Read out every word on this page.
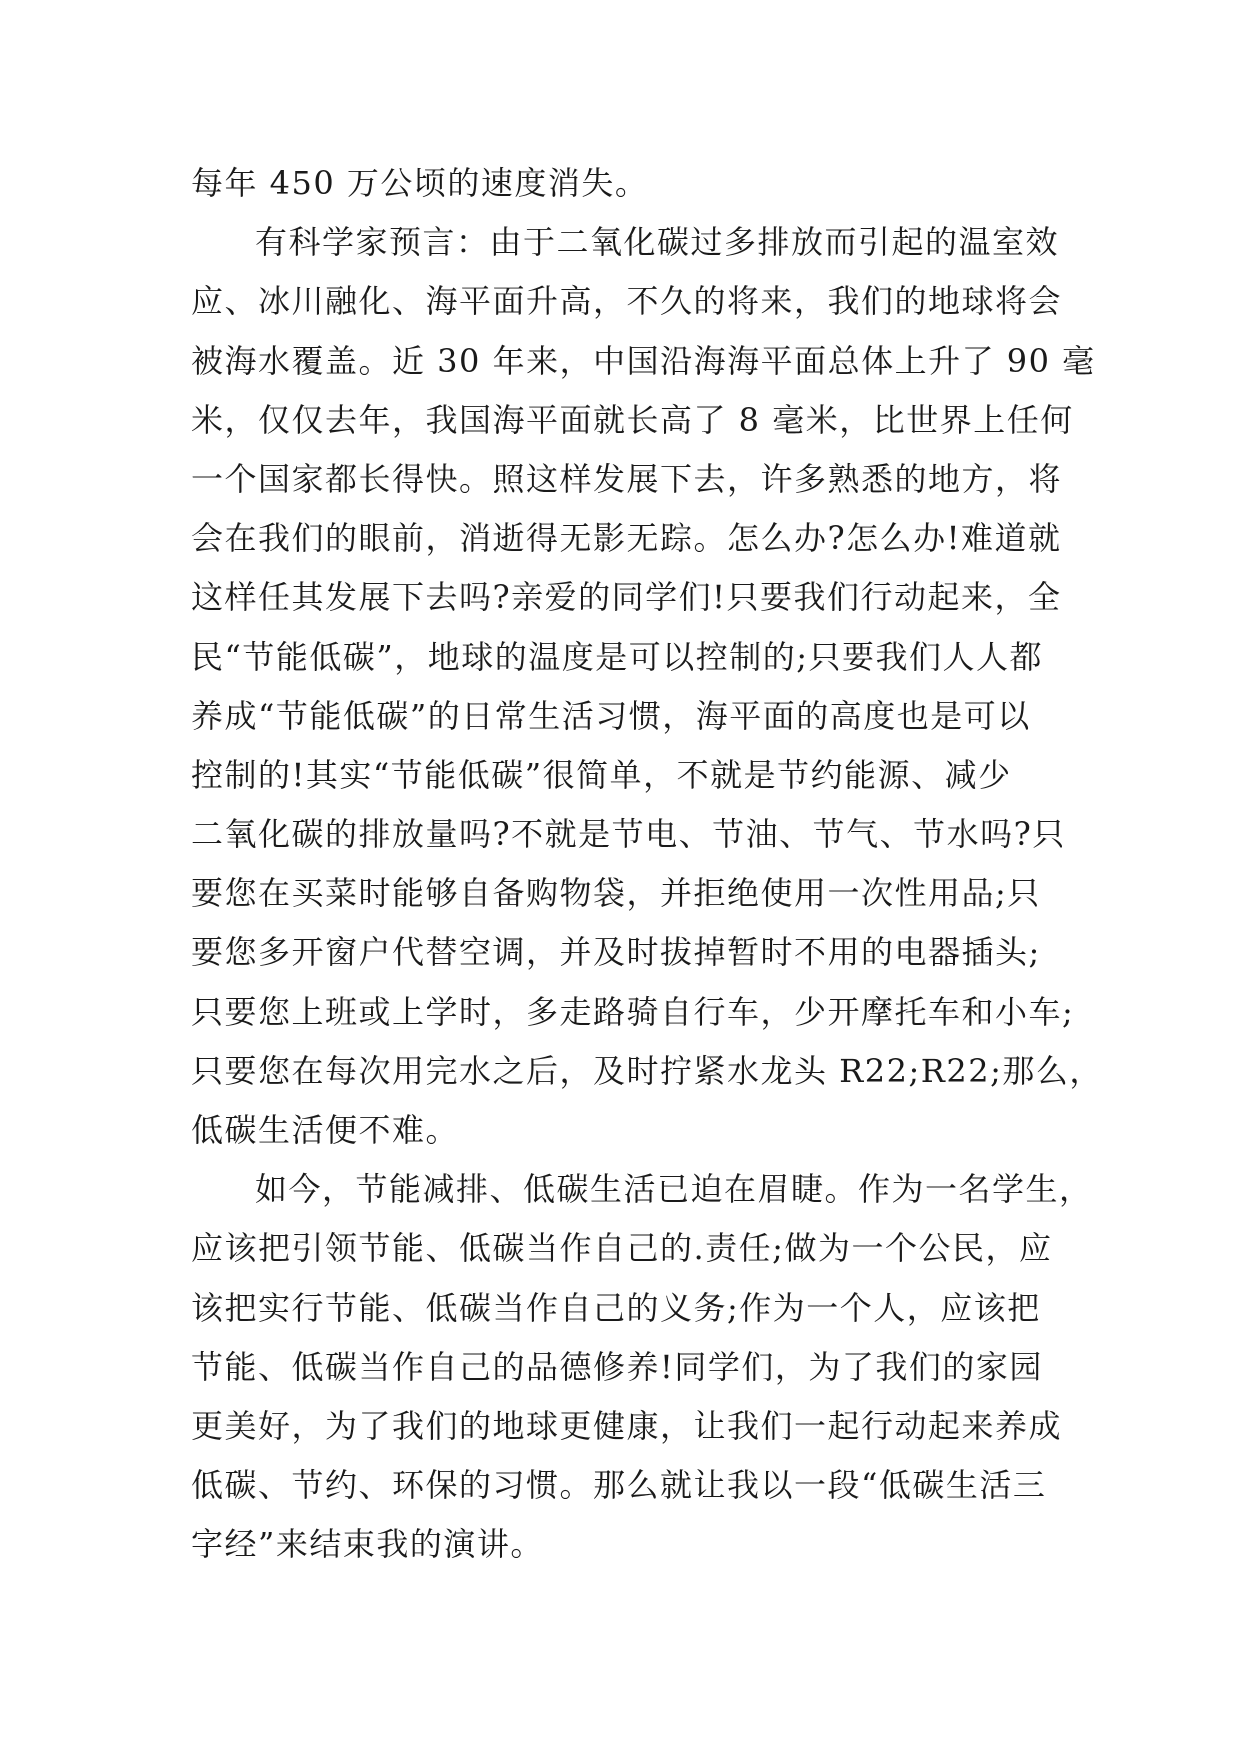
每年 450 万公顷的速度消失。
有科学家预言：由于二氧化碳过多排放而引起的温室效
应、冰川融化、海平面升高，不久的将来，我们的地球将会
被海水覆盖。近 30 年来，中国沿海海平面总体上升了 90 毫
米，仅仅去年，我国海平面就长高了 8 毫米，比世界上任何
一个国家都长得快。照这样发展下去，许多熟悉的地方，将
会在我们的眼前，消逝得无影无踪。怎么办?怎么办!难道就
这样任其发展下去吗?亲爱的同学们!只要我们行动起来，全
民“节能低碳”，地球的温度是可以控制的;只要我们人人都
养成“节能低碳”的日常生活习惯，海平面的高度也是可以
控制的!其实“节能低碳”很简单，不就是节约能源、减少
二氧化碳的排放量吗?不就是节电、节油、节气、节水吗?只
要您在买菜时能够自备购物袋，并拒绝使用一次性用品;只
要您多开窗户代替空调，并及时拔掉暂时不用的电器插头;
只要您上班或上学时，多走路骑自行车，少开摩托车和小车;
只要您在每次用完水之后，及时拧紧水龙头 R22;R22;那么，
低碳生活便不难。
如今，节能减排、低碳生活已迫在眉睫。作为一名学生，
应该把引领节能、低碳当作自己的.责任;做为一个公民，应
该把实行节能、低碳当作自己的义务;作为一个人，应该把
节能、低碳当作自己的品德修养!同学们，为了我们的家园
更美好，为了我们的地球更健康，让我们一起行动起来养成
低碳、节约、环保的习惯。那么就让我以一段“低碳生活三
字经”来结束我的演讲。
